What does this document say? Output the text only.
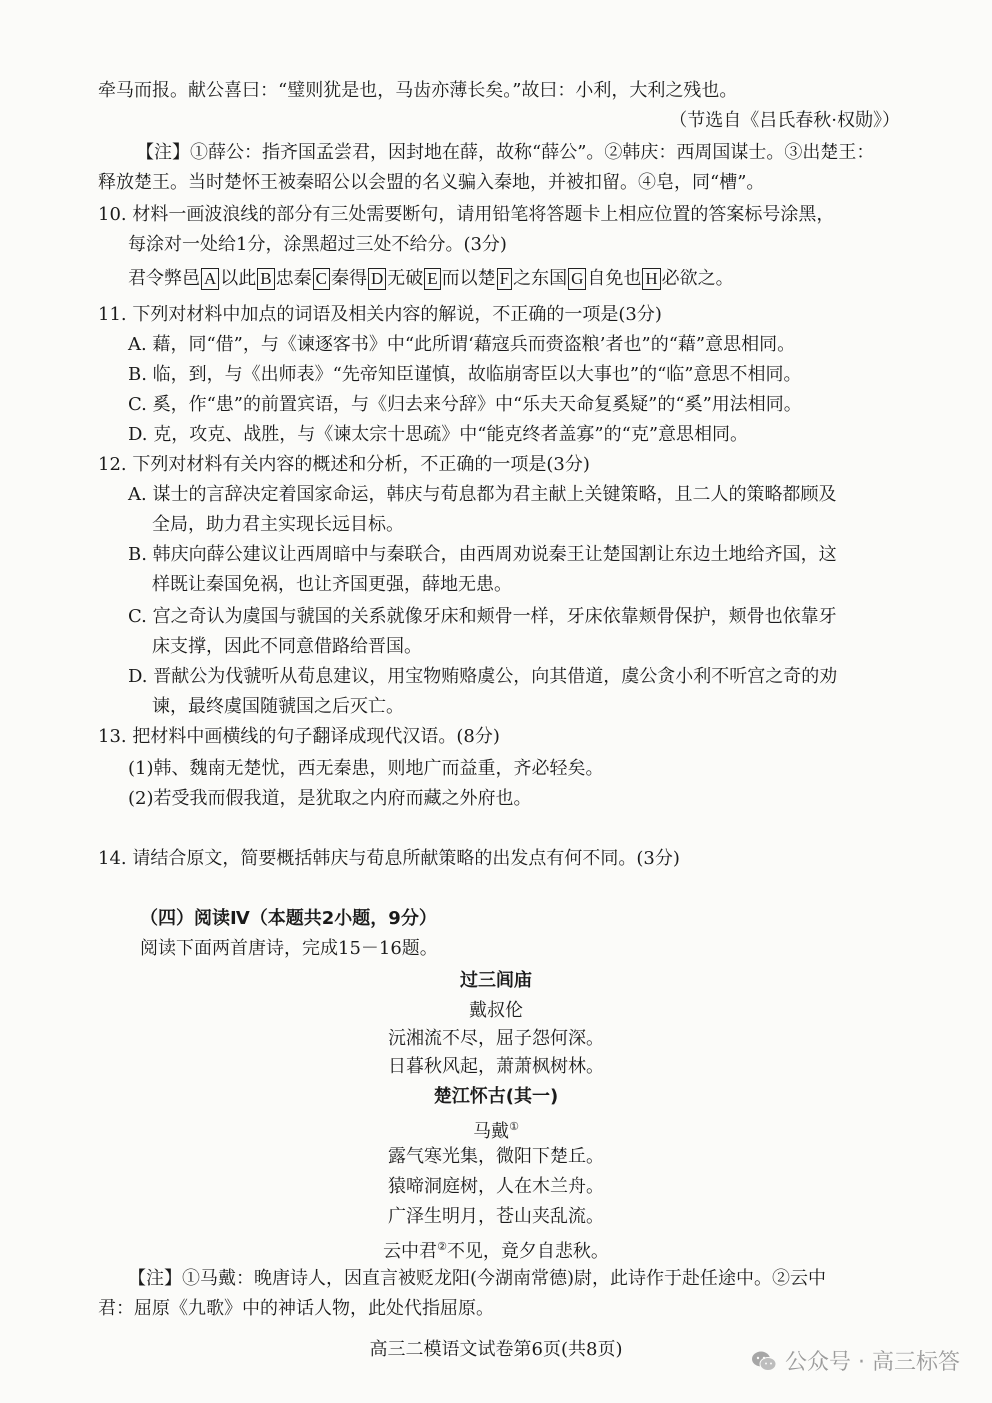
牵马而报。献公喜曰：“璧则犹是也，马齿亦薄长矣。”故曰：小利，大利之残也。
（节选自《吕氏春秋·权勋》）
【注】①薛公：指齐国孟尝君，因封地在薛，故称“薛公”。②韩庆：西周国谋士。③出楚王：
释放楚王。当时楚怀王被秦昭公以会盟的名义骗入秦地，并被扣留。④皂，同“槽”。
10. 材料一画波浪线的部分有三处需要断句，请用铅笔将答题卡上相应位置的答案标号涂黑，
每涂对一处给1分，涂黑超过三处不给分。(3分)
君令弊邑 A 以此 B 忠秦 C 秦得 D 无破 E 而以楚 F 之东国 G 自免也 H 必欲之。
11. 下列对材料中加点的词语及相关内容的解说，不正确的一项是(3分)
A. 藉，同“借”，与《谏逐客书》中“此所谓‘藉寇兵而赍盗粮’者也”的“藉”意思相同。
B. 临，到，与《出师表》“先帝知臣谨慎，故临崩寄臣以大事也”的“临”意思不相同。
C. 奚，作“患”的前置宾语，与《归去来兮辞》中“乐夫天命复奚疑”的“奚”用法相同。
D. 克，攻克、战胜，与《谏太宗十思疏》中“能克终者盖寡”的“克”意思相同。
12. 下列对材料有关内容的概述和分析，不正确的一项是(3分)
A. 谋士的言辞决定着国家命运，韩庆与荀息都为君主献上关键策略，且二人的策略都顾及
全局，助力君主实现长远目标。
B. 韩庆向薛公建议让西周暗中与秦联合，由西周劝说秦王让楚国割让东边土地给齐国，这
样既让秦国免祸，也让齐国更强，薛地无患。
C. 宫之奇认为虞国与虢国的关系就像牙床和颊骨一样，牙床依靠颊骨保护，颊骨也依靠牙
床支撑，因此不同意借路给晋国。
D. 晋献公为伐虢听从荀息建议，用宝物贿赂虞公，向其借道，虞公贪小利不听宫之奇的劝
谏，最终虞国随虢国之后灭亡。
13. 把材料中画横线的句子翻译成现代汉语。(8分)
(1)韩、魏南无楚忧，西无秦患，则地广而益重，齐必轻矣。
(2)若受我而假我道，是犹取之内府而藏之外府也。
14. 请结合原文，简要概括韩庆与荀息所献策略的出发点有何不同。(3分)
（四）阅读Ⅳ（本题共2小题，9分）
阅读下面两首唐诗，完成15－16题。
过三闾庙
戴叔伦
沅湘流不尽，屈子怨何深。
日暮秋风起，萧萧枫树林。
楚江怀古(其一)
马戴①
露气寒光集，微阳下楚丘。
猿啼洞庭树，人在木兰舟。
广泽生明月，苍山夹乱流。
云中君②不见，竟夕自悲秋。
【注】①马戴：晚唐诗人，因直言被贬龙阳(今湖南常德)尉，此诗作于赴任途中。②云中
君：屈原《九歌》中的神话人物，此处代指屈原。
高三二模语文试卷第6页(共8页)
公众号 · 高三标答
